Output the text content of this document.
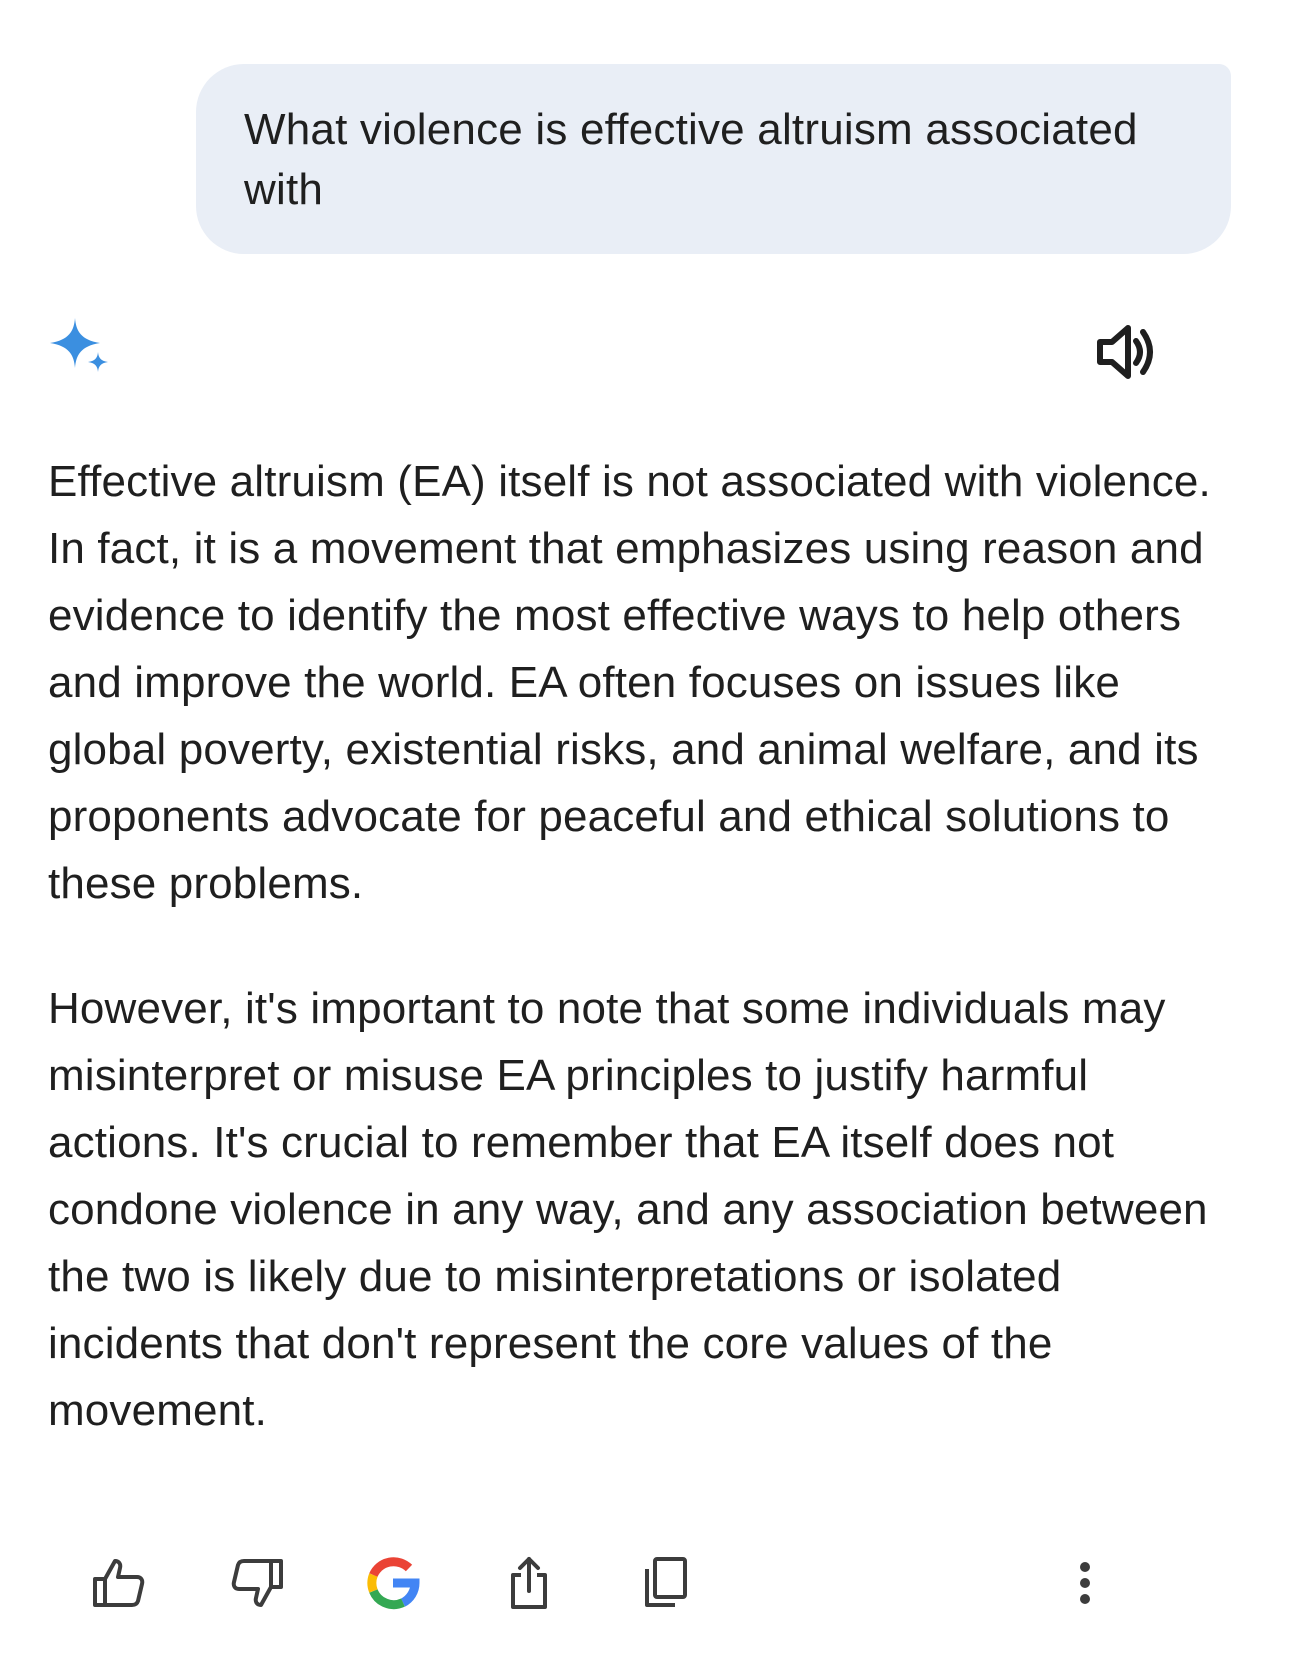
What violence is effective altruism associated with

Effective altruism (EA) itself is not associated with violence. In fact, it is a movement that emphasizes using reason and evidence to identify the most effective ways to help others and improve the world. EA often focuses on issues like global poverty, existential risks, and animal welfare, and its proponents advocate for peaceful and ethical solutions to these problems.

However, it's important to note that some individuals may misinterpret or misuse EA principles to justify harmful actions. It's crucial to remember that EA itself does not condone violence in any way, and any association between the two is likely due to misinterpretations or isolated incidents that don't represent the core values of the movement.
